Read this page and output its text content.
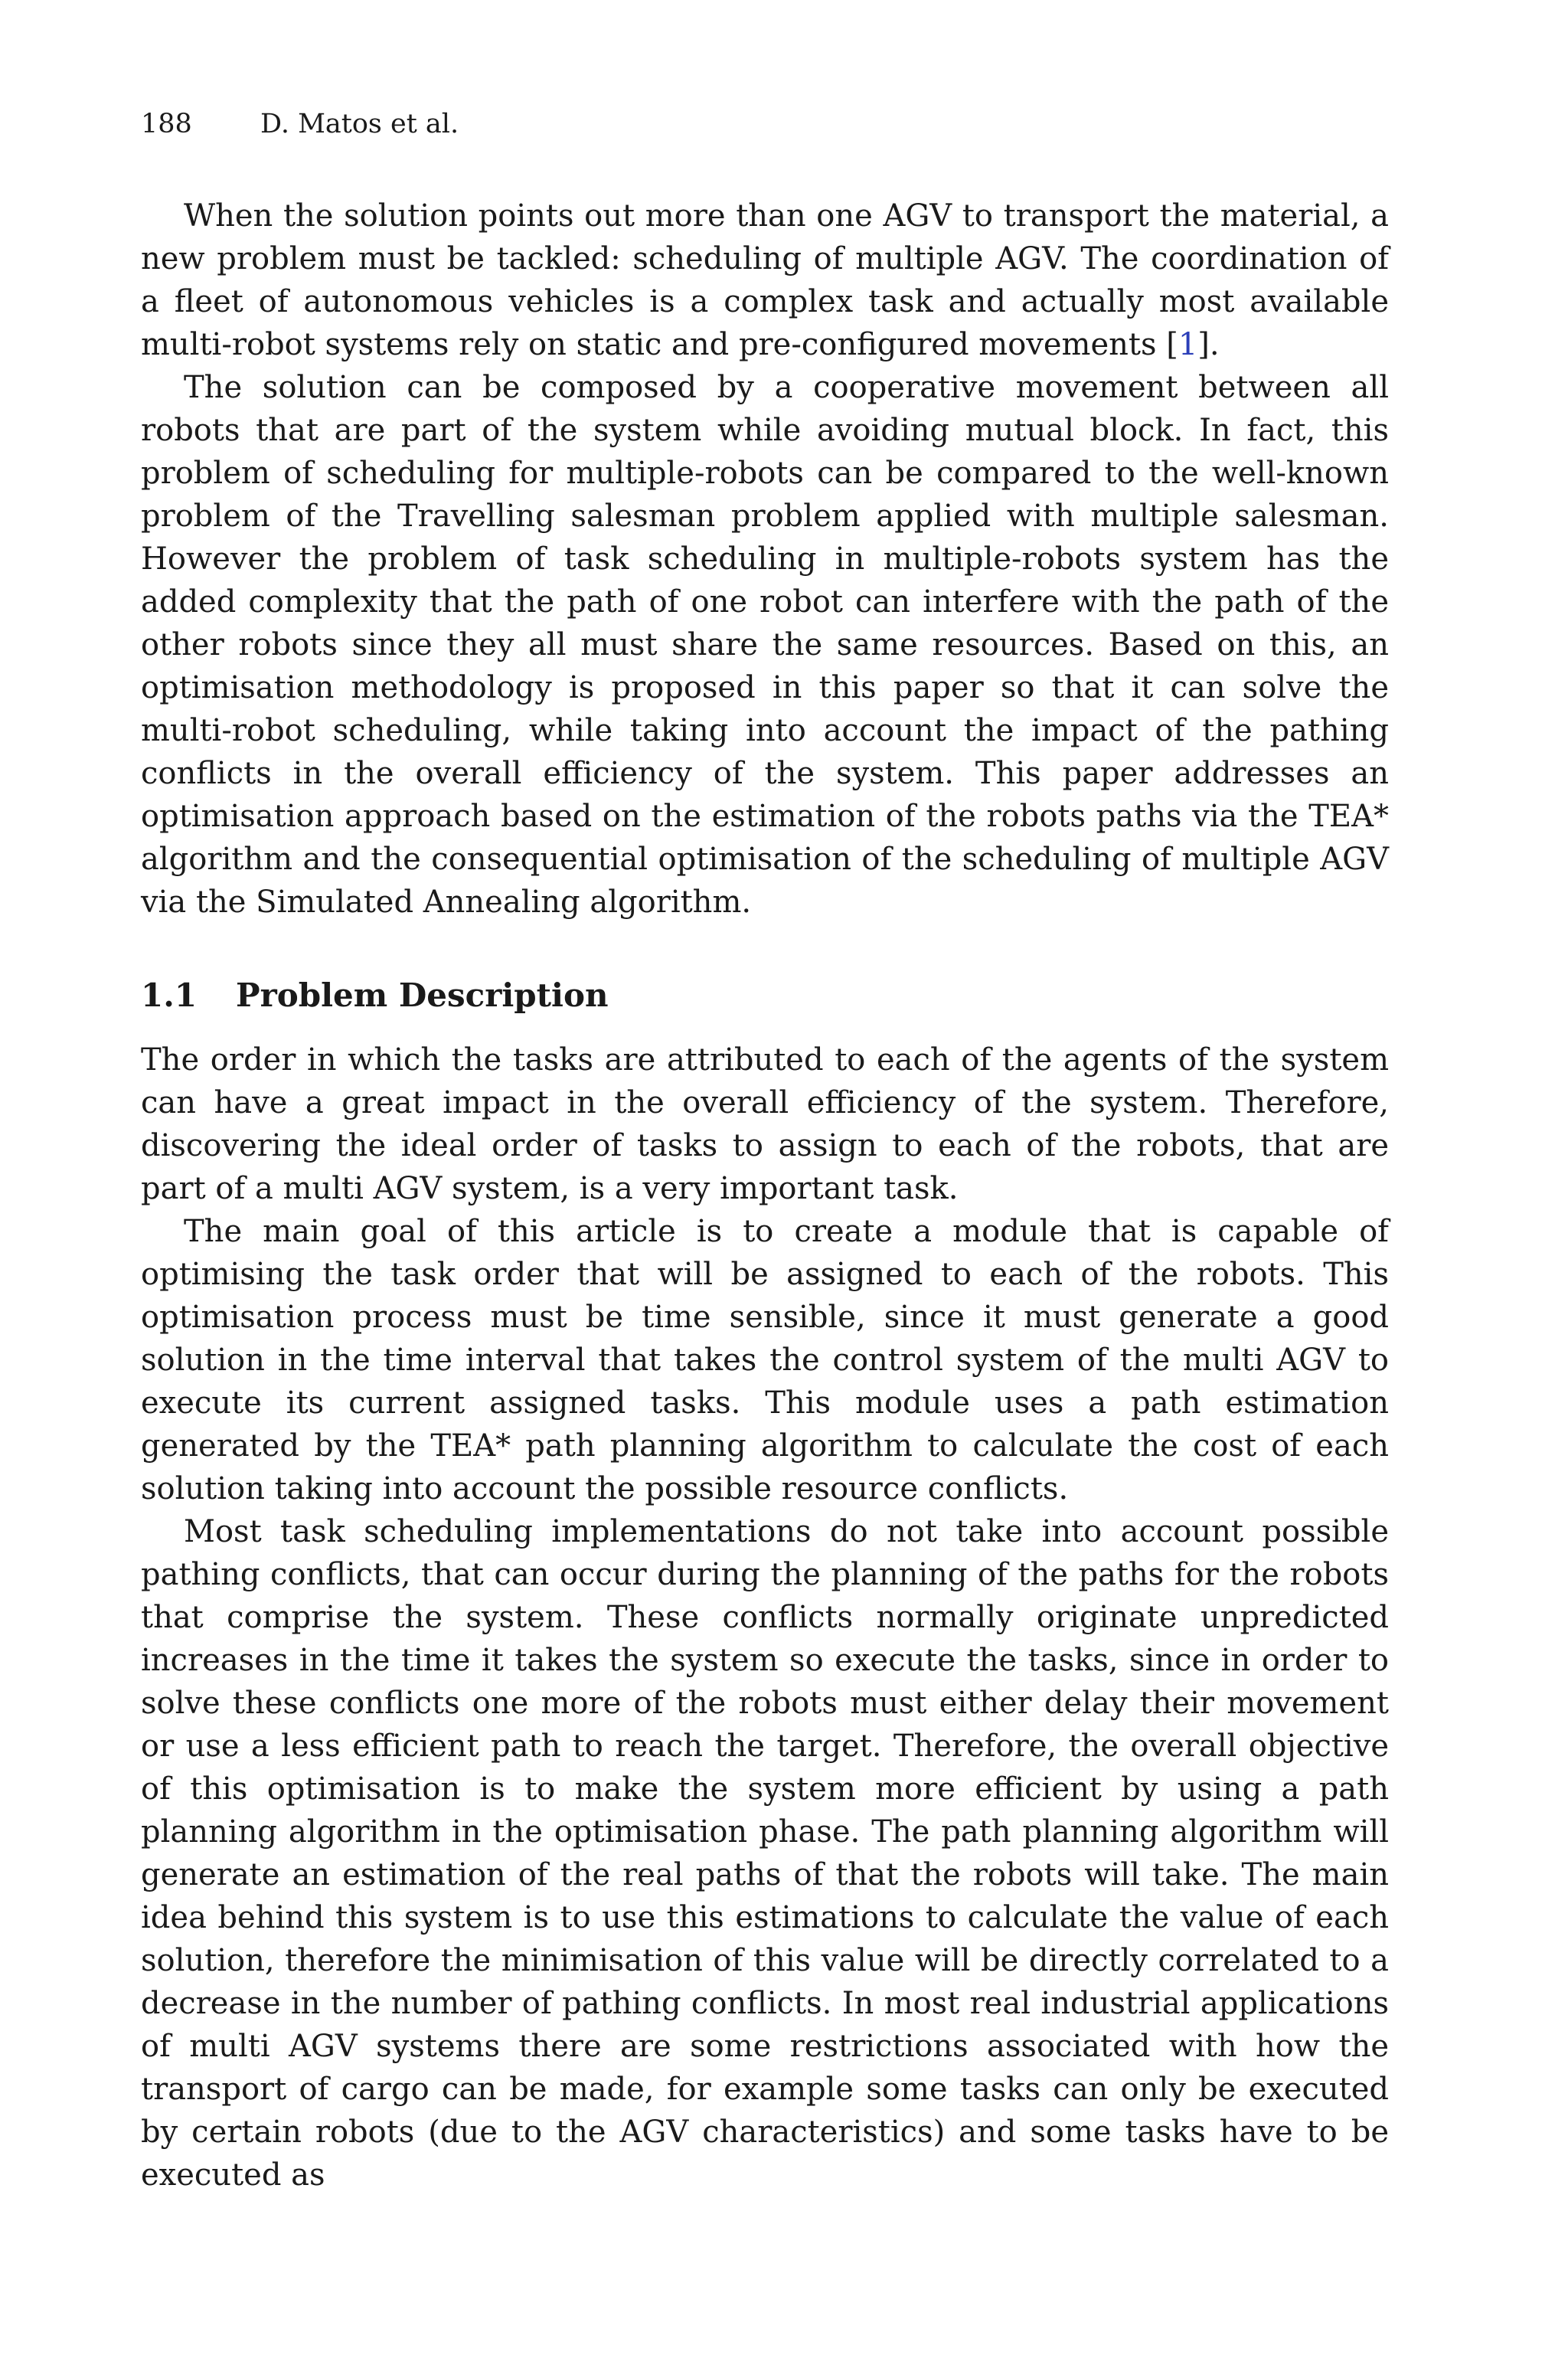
188	D. Matos et al.

When the solution points out more than one AGV to transport the material, a new problem must be tackled: scheduling of multiple AGV. The coordination of a fleet of autonomous vehicles is a complex task and actually most available multi-robot systems rely on static and pre-configured movements [1].

The solution can be composed by a cooperative movement between all robots that are part of the system while avoiding mutual block. In fact, this problem of scheduling for multiple-robots can be compared to the well-known problem of the Travelling salesman problem applied with multiple salesman. However the problem of task scheduling in multiple-robots system has the added complexity that the path of one robot can interfere with the path of the other robots since they all must share the same resources. Based on this, an optimisation methodology is proposed in this paper so that it can solve the multi-robot scheduling, while taking into account the impact of the pathing conflicts in the overall efficiency of the system. This paper addresses an optimisation approach based on the estimation of the robots paths via the TEA* algorithm and the consequential optimisation of the scheduling of multiple AGV via the Simulated Annealing algorithm.

1.1 Problem Description

The order in which the tasks are attributed to each of the agents of the system can have a great impact in the overall efficiency of the system. Therefore, discovering the ideal order of tasks to assign to each of the robots, that are part of a multi AGV system, is a very important task.

The main goal of this article is to create a module that is capable of optimising the task order that will be assigned to each of the robots. This optimisation process must be time sensible, since it must generate a good solution in the time interval that takes the control system of the multi AGV to execute its current assigned tasks. This module uses a path estimation generated by the TEA* path planning algorithm to calculate the cost of each solution taking into account the possible resource conflicts.

Most task scheduling implementations do not take into account possible pathing conflicts, that can occur during the planning of the paths for the robots that comprise the system. These conflicts normally originate unpredicted increases in the time it takes the system so execute the tasks, since in order to solve these conflicts one more of the robots must either delay their movement or use a less efficient path to reach the target. Therefore, the overall objective of this optimisation is to make the system more efficient by using a path planning algorithm in the optimisation phase. The path planning algorithm will generate an estimation of the real paths of that the robots will take. The main idea behind this system is to use this estimations to calculate the value of each solution, therefore the minimisation of this value will be directly correlated to a decrease in the number of pathing conflicts. In most real industrial applications of multi AGV systems there are some restrictions associated with how the transport of cargo can be made, for example some tasks can only be executed by certain robots (due to the AGV characteristics) and some tasks have to be executed as
